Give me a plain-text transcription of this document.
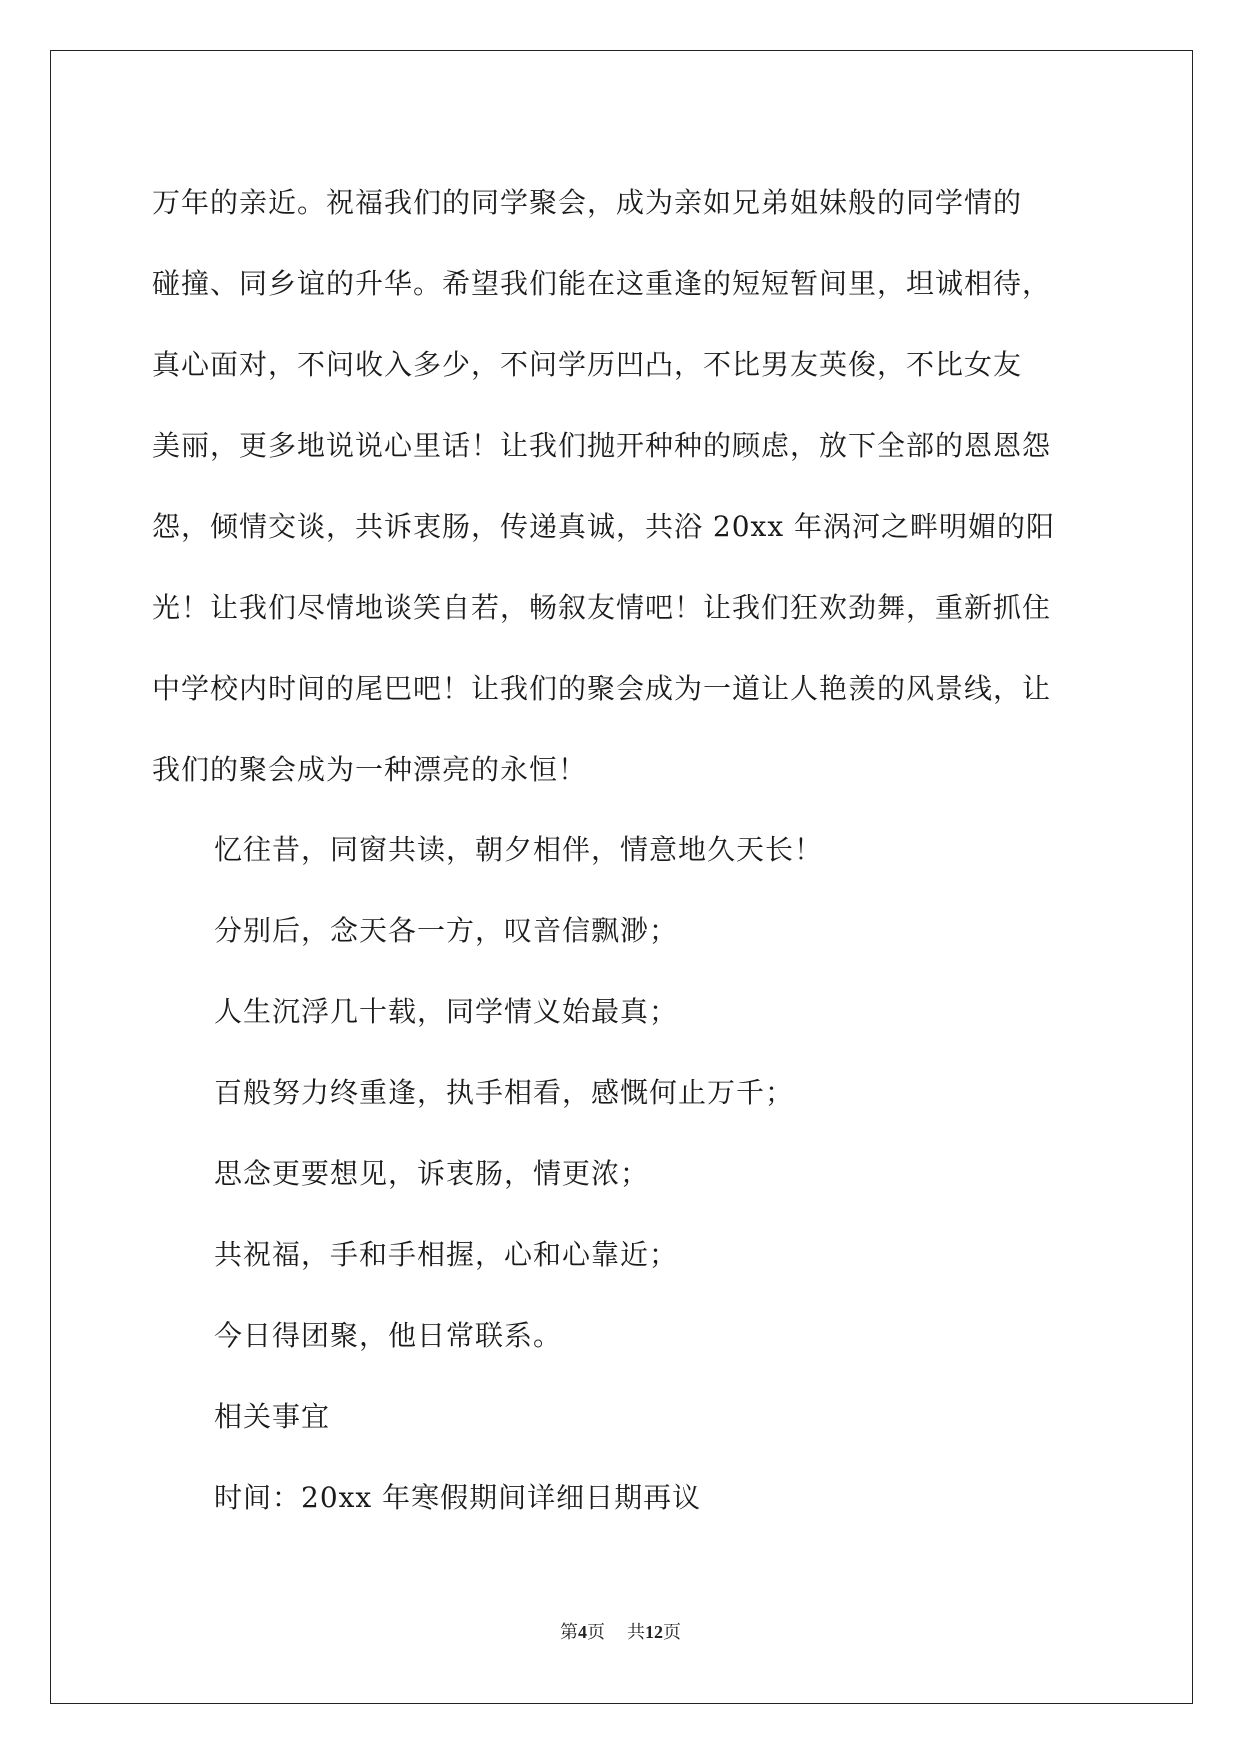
万年的亲近。祝福我们的同学聚会，成为亲如兄弟姐妹般的同学情的
碰撞、同乡谊的升华。希望我们能在这重逢的短短暂间里，坦诚相待，
真心面对，不问收入多少，不问学历凹凸，不比男友英俊，不比女友
美丽，更多地说说心里话！让我们抛开种种的顾虑，放下全部的恩恩怨
怨，倾情交谈，共诉衷肠，传递真诚，共浴 20xx 年涡河之畔明媚的阳
光！让我们尽情地谈笑自若，畅叙友情吧！让我们狂欢劲舞，重新抓住
中学校内时间的尾巴吧！让我们的聚会成为一道让人艳羡的风景线，让
我们的聚会成为一种漂亮的永恒！
忆往昔，同窗共读，朝夕相伴，情意地久天长！
分别后，念天各一方，叹音信飘渺；
人生沉浮几十载，同学情义始最真；
百般努力终重逢，执手相看，感慨何止万千；
思念更要想见，诉衷肠，情更浓；
共祝福，手和手相握，心和心靠近；
今日得团聚，他日常联系。
相关事宜
时间：20xx 年寒假期间详细日期再议
第4页 共12页
